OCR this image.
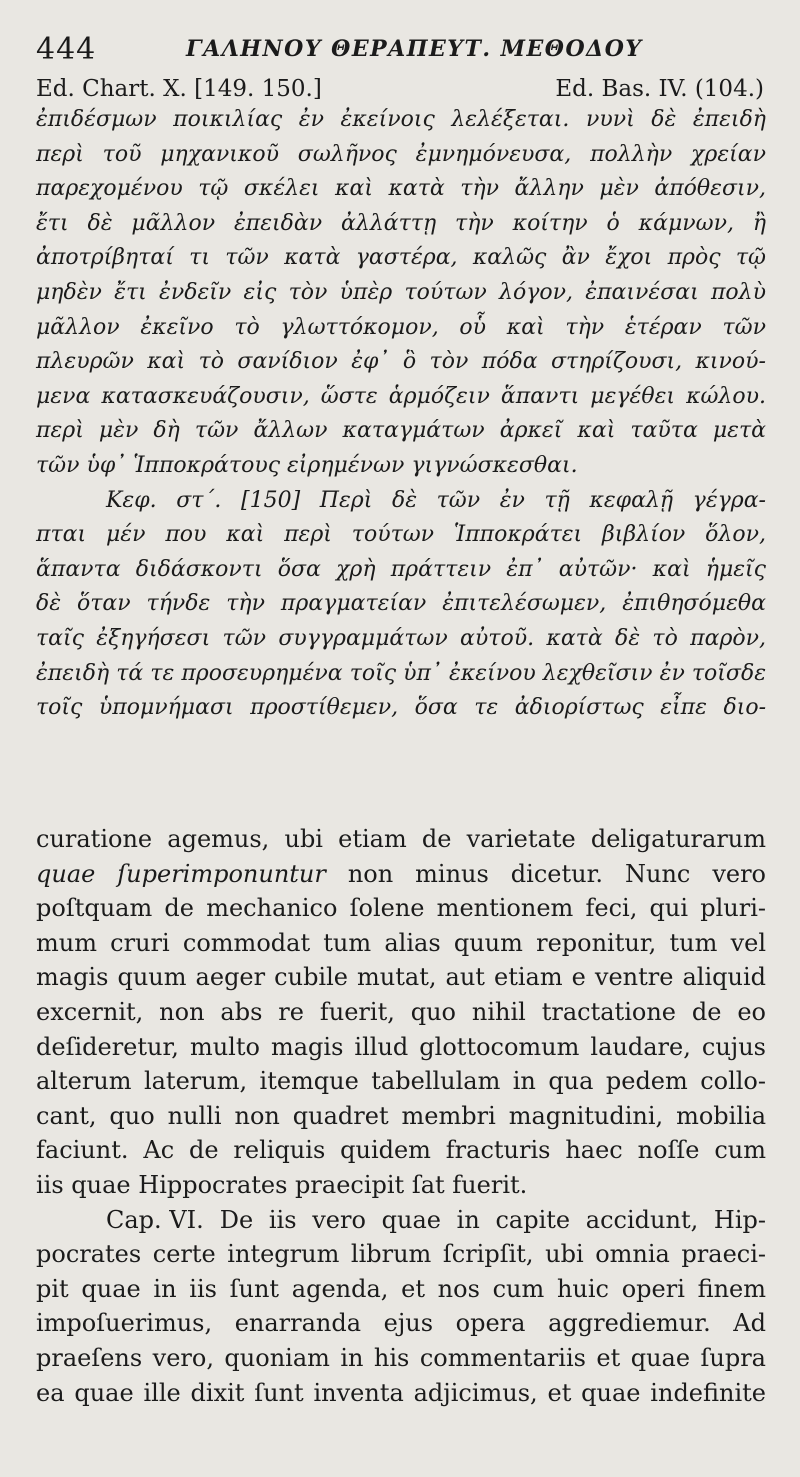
444	ΓΑΛΗΝΟΥ ΘΕΡΑΠΕΥΤ. ΜΕΘΟΔΟΥ
Ed. Chart. X. [149. 150.]	Ed. Bas. IV. (104.)
ἐπιδέσμων ποικιλίας ἐν ἐκείνοις λελέξεται. νυνὶ δὲ ἐπειδὴ
περὶ τοῦ μηχανικοῦ σωλῆνος ἐμνημόνευσα, πολλὴν χρείαν
παρεχομένου τῷ σκέλει καὶ κατὰ τὴν ἄλλην μὲν ἀπόθεσιν,
ἔτι δὲ μᾶλλον ἐπειδὰν ἀλλάττῃ τὴν κοίτην ὁ κάμνων, ἢ
ἀποτρίβηταί τι τῶν κατὰ γαστέρα, καλῶς ἂν ἔχοι πρὸς τῷ
μηδὲν ἔτι ἐνδεῖν εἰς τὸν ὑπὲρ τούτων λόγον, ἐπαινέσαι πολὺ
μᾶλλον ἐκεῖνο τὸ γλωττόκομον, οὗ καὶ τὴν ἑτέραν τῶν
πλευρῶν καὶ τὸ σανίδιον ἐφ᾽ ὃ τὸν πόδα στηρίζουσι, κινού-
μενα κατασκευάζουσιν, ὥστε ἁρμόζειν ἅπαντι μεγέθει κώλου.
περὶ μὲν δὴ τῶν ἄλλων καταγμάτων ἀρκεῖ καὶ ταῦτα μετὰ
τῶν ὑφ᾽ Ἱπποκράτους εἰρημένων γιγνώσκεσθαι.
Κεφ. στ΄. [150] Περὶ δὲ τῶν ἐν τῇ κεφαλῇ γέγρα-
πται μέν που καὶ περὶ τούτων Ἱπποκράτει βιβλίον ὅλον,
ἅπαντα διδάσκοντι ὅσα χρὴ πράττειν ἐπ᾽ αὐτῶν· καὶ ἡμεῖς
δὲ ὅταν τήνδε τὴν πραγματείαν ἐπιτελέσωμεν, ἐπιθησόμεθα
ταῖς ἐξηγήσεσι τῶν συγγραμμάτων αὐτοῦ. κατὰ δὲ τὸ παρὸν,
ἐπειδὴ τά τε προσευρημένα τοῖς ὑπ᾽ ἐκείνου λεχθεῖσιν ἐν τοῖσδε
τοῖς ὑπομνήμασι προστίθεμεν, ὅσα τε ἀδιορίστως εἶπε διο-
curatione agemus, ubi etiam de varietate deligaturarum
quae ſuperimponuntur non minus dicetur. Nunc vero
poſtquam de mechanico ſolene mentionem feci, qui pluri-
mum cruri commodat tum alias quum reponitur, tum vel
magis quum aeger cubile mutat, aut etiam e ventre aliquid
excernit, non abs re fuerit, quo nihil tractatione de eo
deſideretur, multo magis illud glottocomum laudare, cujus
alterum laterum, itemque tabellulam in qua pedem collo-
cant, quo nulli non quadret membri magnitudini, mobilia
faciunt. Ac de reliquis quidem fracturis haec noſſe cum
iis quae Hippocrates praecipit ſat fuerit.
Cap. VI. De iis vero quae in capite accidunt, Hip-
pocrates certe integrum librum ſcripſit, ubi omnia praeci-
pit quae in iis ſunt agenda, et nos cum huic operi finem
impoſuerimus, enarranda ejus opera aggrediemur. Ad
praeſens vero, quoniam in his commentariis et quae ſupra
ea quae ille dixit ſunt inventa adjicimus, et quae indefinite
